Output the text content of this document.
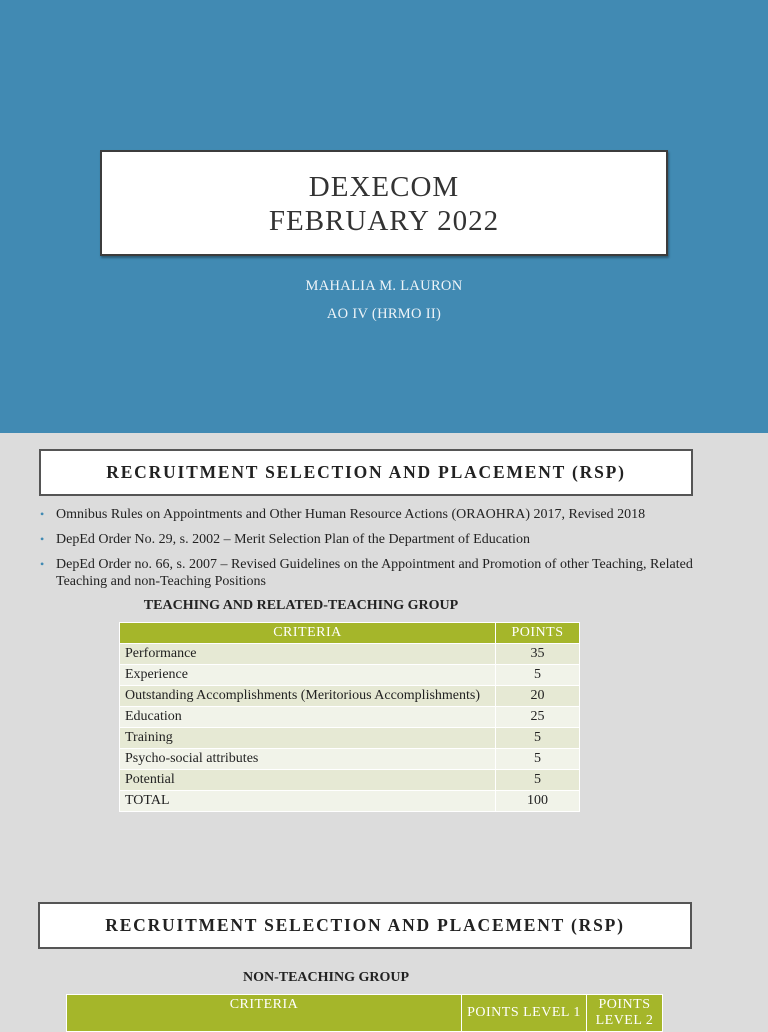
DEXECOM
FEBRUARY 2022
MAHALIA M. LAURON
AO IV (HRMO II)
RECRUITMENT SELECTION AND PLACEMENT (RSP)
• Omnibus Rules on Appointments and Other Human Resource Actions (ORAOHRA) 2017, Revised 2018
• DepEd Order No. 29, s. 2002 – Merit Selection Plan of the Department of Education
• DepEd Order no. 66, s. 2007 – Revised Guidelines on the Appointment and Promotion of other Teaching, Related Teaching and non-Teaching Positions
TEACHING AND RELATED-TEACHING GROUP
CRITERIA	POINTS
Performance	35
Experience	5
Outstanding Accomplishments (Meritorious Accomplishments)	20
Education	25
Training	5
Psycho-social attributes	5
Potential	5
TOTAL	100
RECRUITMENT SELECTION AND PLACEMENT (RSP)
NON-TEACHING GROUP
CRITERIA	POINTS LEVEL 1	POINTS LEVEL 2
